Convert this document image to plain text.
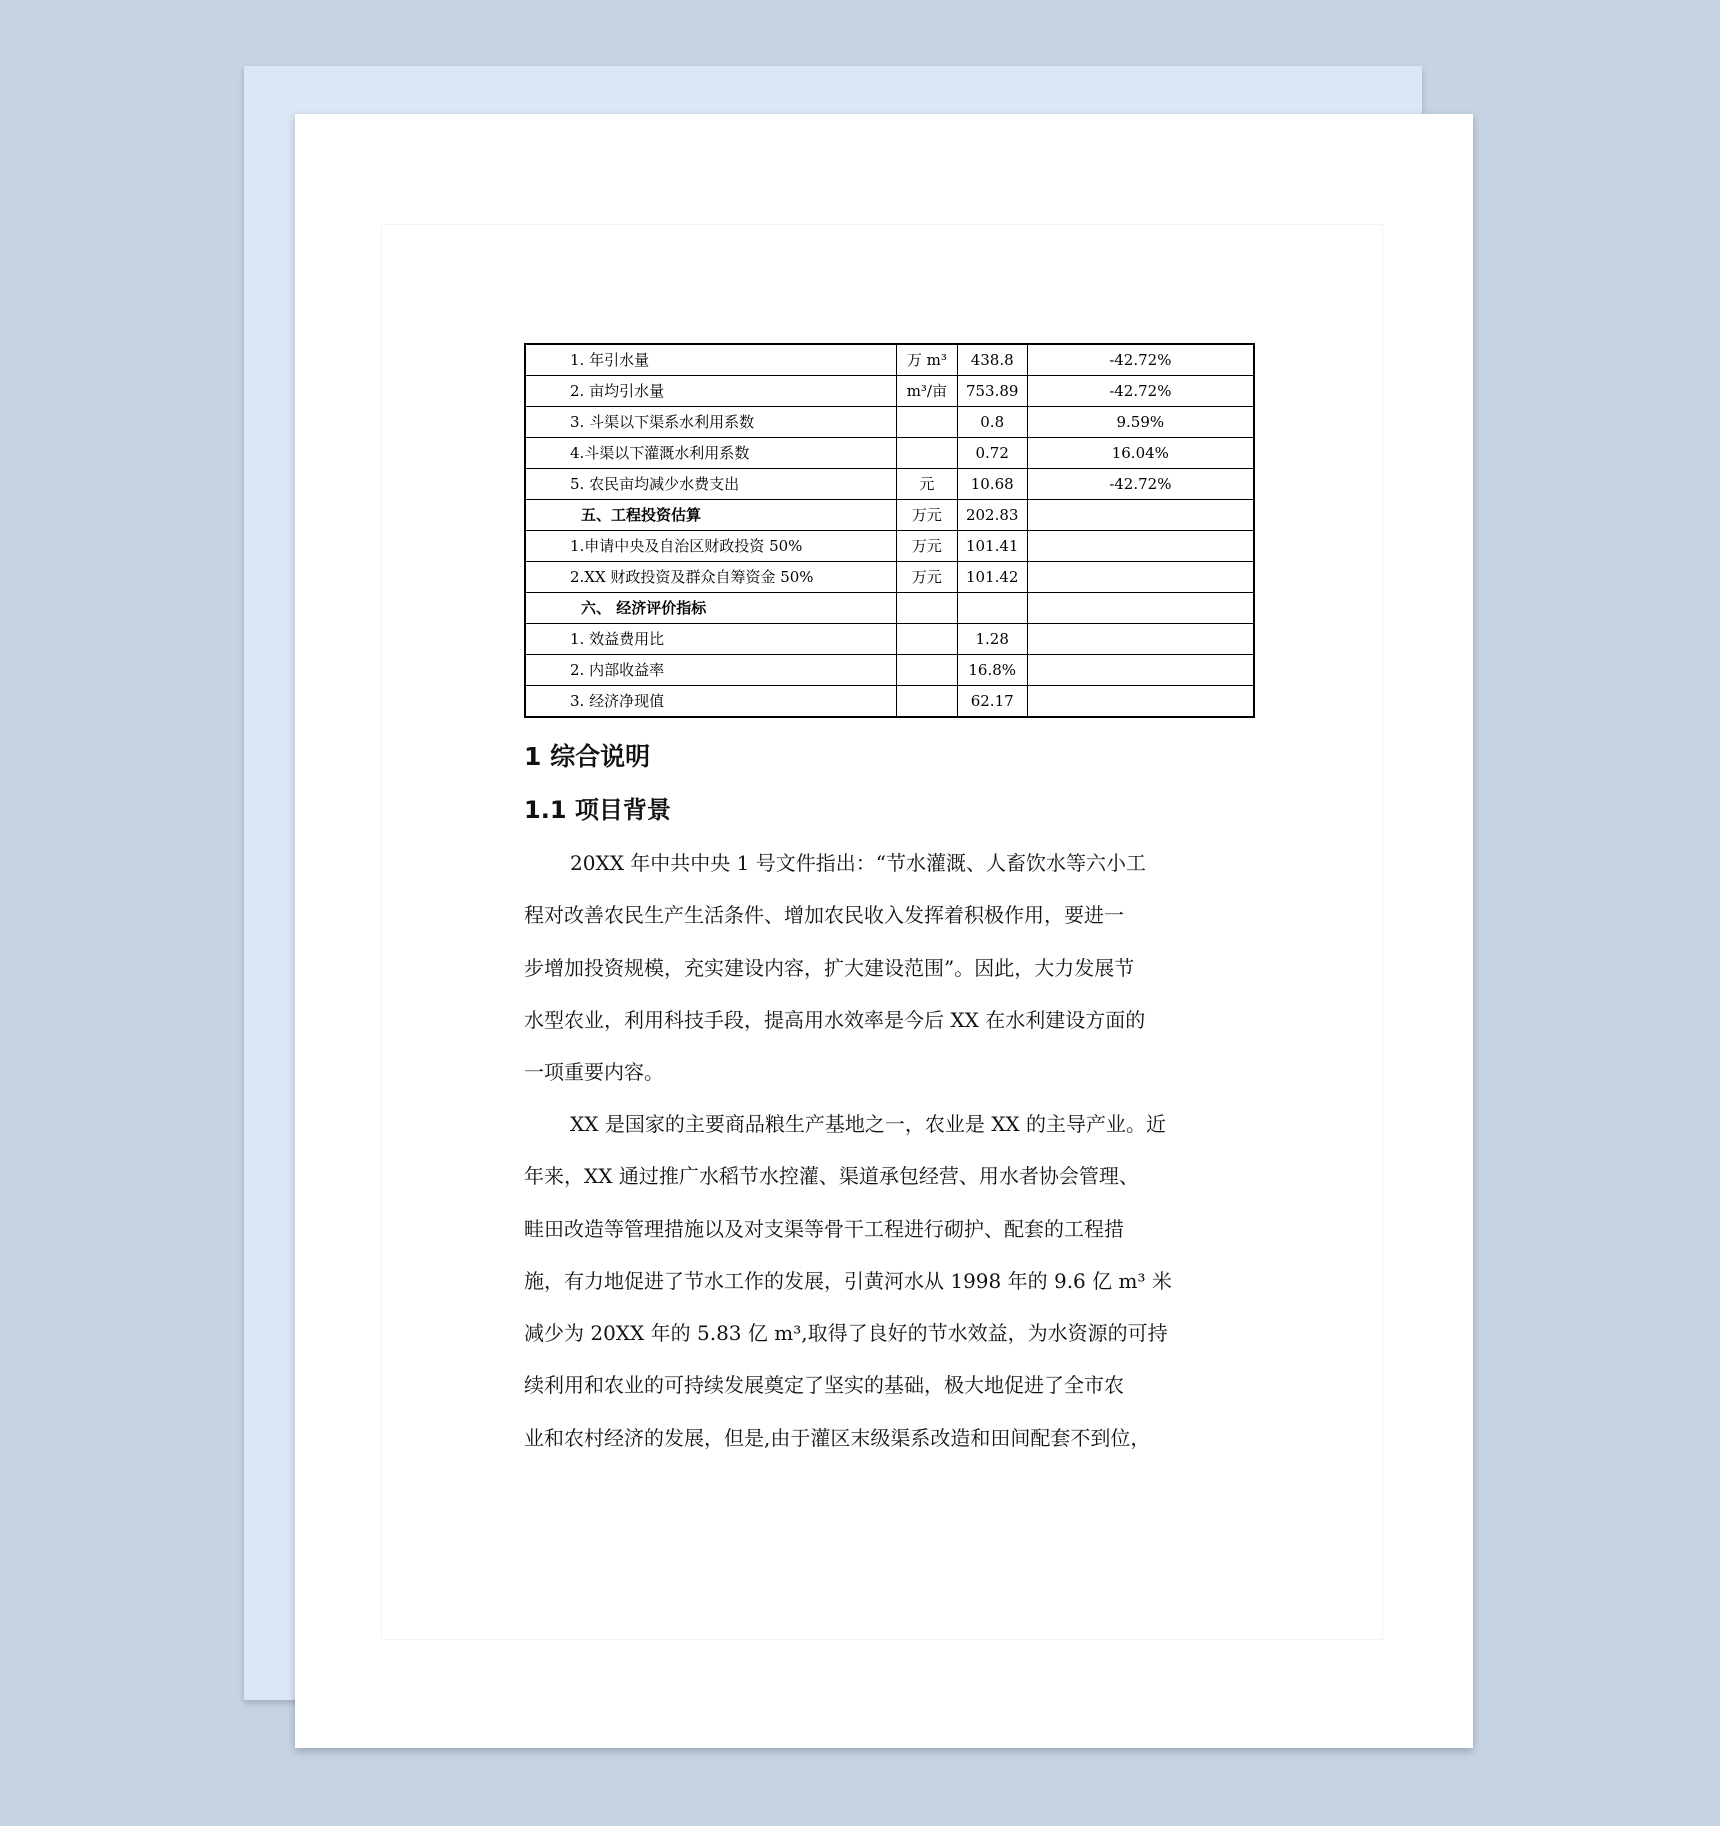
1. 年引水量	万 m³	438.8	-42.72%
2. 亩均引水量	m³/亩	753.89	-42.72%
3. 斗渠以下渠系水利用系数		0.8	9.59%
4.斗渠以下灌溉水利用系数		0.72	16.04%
5. 农民亩均减少水费支出	元	10.68	-42.72%
五、工程投资估算	万元	202.83	
1.申请中央及自治区财政投资 50%	万元	101.41	
2.XX 财政投资及群众自筹资金 50%	万元	101.42	
六、 经济评价指标			
1. 效益费用比		1.28	
2. 内部收益率		16.8%	
3. 经济净现值		62.17	
1 综合说明
1.1 项目背景
20XX 年中共中央 1 号文件指出：“节水灌溉、人畜饮水等六小工
程对改善农民生产生活条件、增加农民收入发挥着积极作用，要进一
步增加投资规模，充实建设内容，扩大建设范围”。因此，大力发展节
水型农业，利用科技手段，提高用水效率是今后 XX 在水利建设方面的
一项重要内容。
XX 是国家的主要商品粮生产基地之一，农业是 XX 的主导产业。近
年来，XX 通过推广水稻节水控灌、渠道承包经营、用水者协会管理、
畦田改造等管理措施以及对支渠等骨干工程进行砌护、配套的工程措
施，有力地促进了节水工作的发展，引黄河水从 1998 年的 9.6 亿 m³ 米
减少为 20XX 年的 5.83 亿 m³,取得了良好的节水效益，为水资源的可持
续利用和农业的可持续发展奠定了坚实的基础，极大地促进了全市农
业和农村经济的发展，但是,由于灌区末级渠系改造和田间配套不到位，
